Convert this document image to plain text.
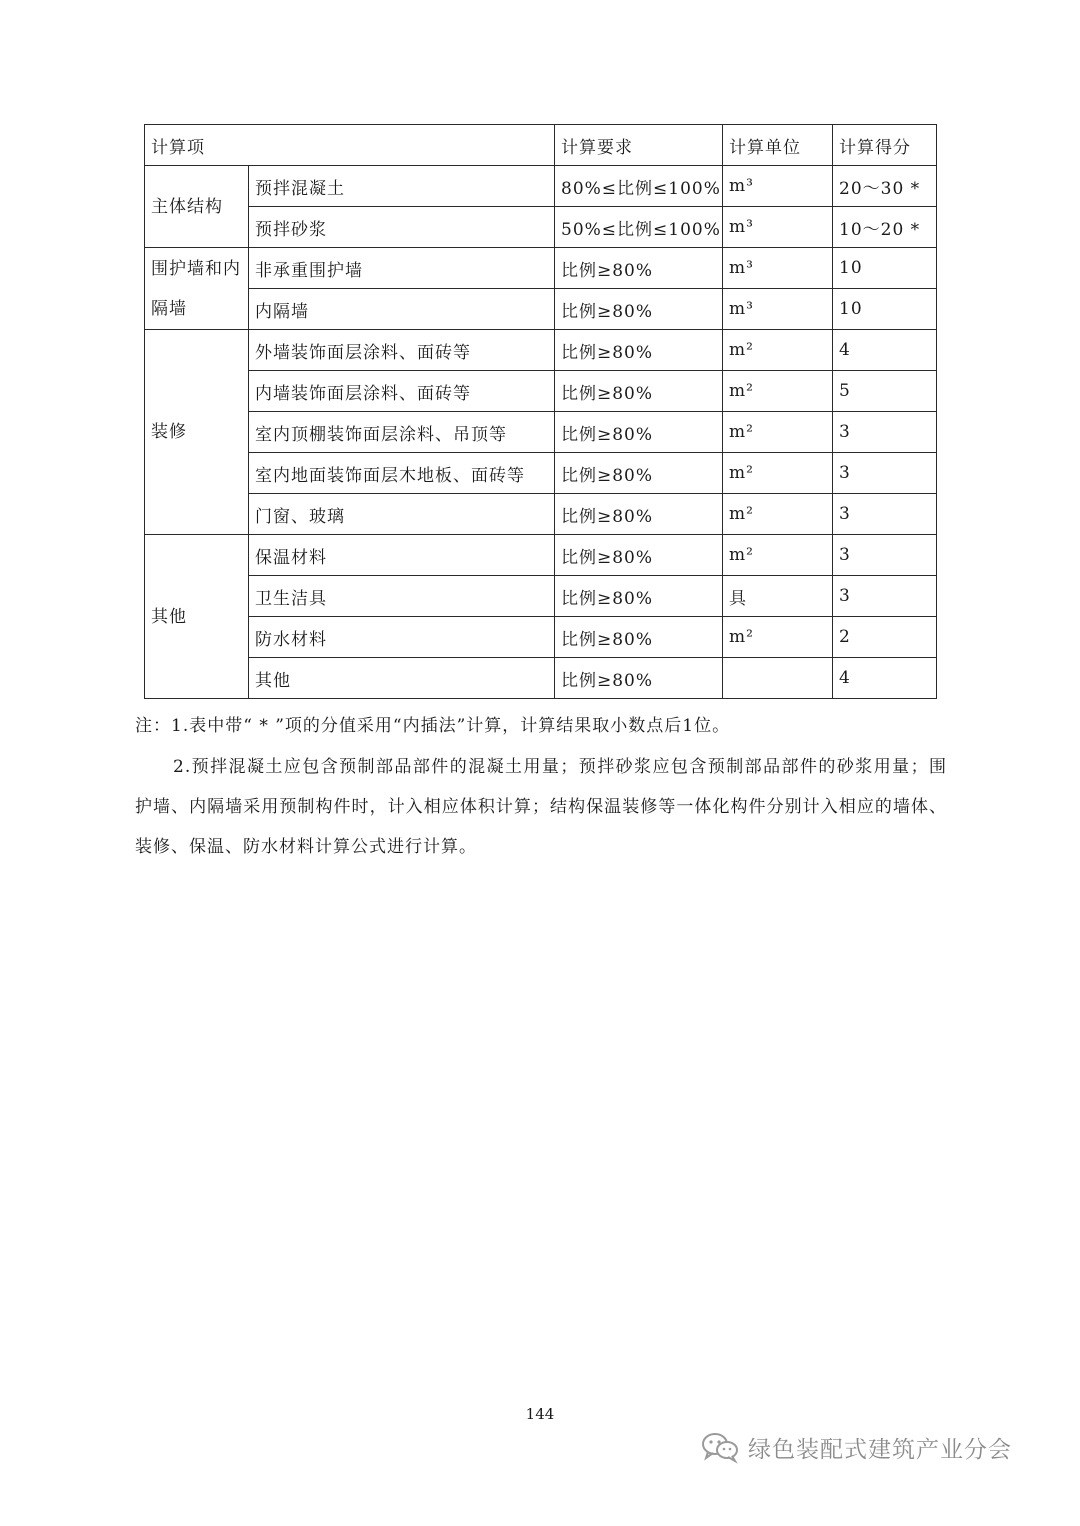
计算项		计算要求	计算单位	计算得分
主体结构	预拌混凝土	80%≤比例≤100%	m³	20～30 *
	预拌砂浆	50%≤比例≤100%	m³	10～20 *
围护墙和内隔墙	非承重围护墙	比例≥80%	m³	10
	内隔墙	比例≥80%	m³	10
装修	外墙装饰面层涂料、面砖等	比例≥80%	m²	4
	内墙装饰面层涂料、面砖等	比例≥80%	m²	5
	室内顶棚装饰面层涂料、吊顶等	比例≥80%	m²	3
	室内地面装饰面层木地板、面砖等	比例≥80%	m²	3
	门窗、玻璃	比例≥80%	m²	3
其他	保温材料	比例≥80%	m²	3
	卫生洁具	比例≥80%	具	3
	防水材料	比例≥80%	m²	2
	其他	比例≥80%		4
注：1.表中带“ * ”项的分值采用“内插法”计算，计算结果取小数点后1位。
2.预拌混凝土应包含预制部品部件的混凝土用量；预拌砂浆应包含预制部品部件的砂浆用量；围护墙、内隔墙采用预制构件时，计入相应体积计算；结构保温装修等一体化构件分别计入相应的墙体、装修、保温、防水材料计算公式进行计算。
144
绿色装配式建筑产业分会
